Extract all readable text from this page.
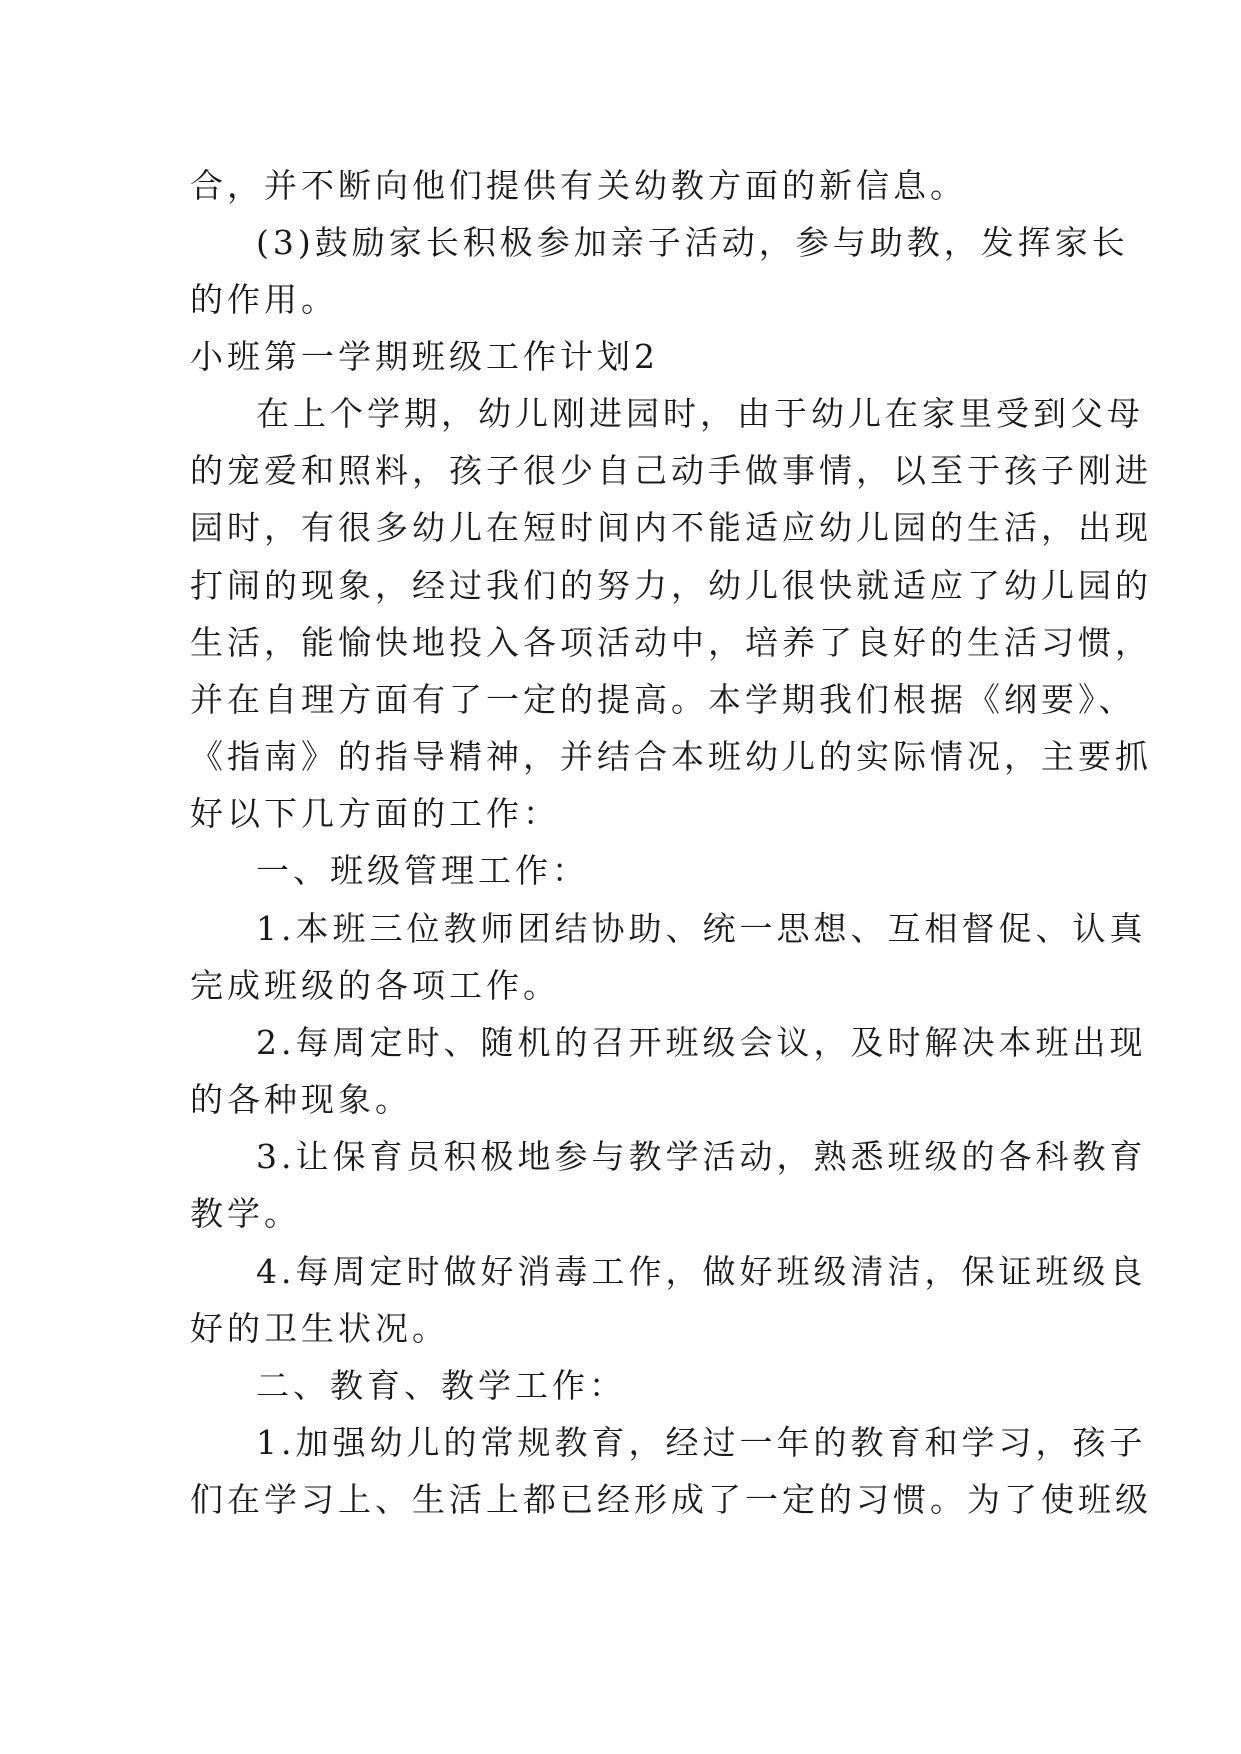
合，并不断向他们提供有关幼教方面的新信息。
(3)鼓励家长积极参加亲子活动，参与助教，发挥家长
的作用。
小班第一学期班级工作计划2
在上个学期，幼儿刚进园时，由于幼儿在家里受到父母
的宠爱和照料，孩子很少自己动手做事情，以至于孩子刚进
园时，有很多幼儿在短时间内不能适应幼儿园的生活，出现
打闹的现象，经过我们的努力，幼儿很快就适应了幼儿园的
生活，能愉快地投入各项活动中，培养了良好的生活习惯，
并在自理方面有了一定的提高。本学期我们根据《纲要》、
《指南》的指导精神，并结合本班幼儿的实际情况，主要抓
好以下几方面的工作：
一、班级管理工作：
1.本班三位教师团结协助、统一思想、互相督促、认真
完成班级的各项工作。
2.每周定时、随机的召开班级会议，及时解决本班出现
的各种现象。
3.让保育员积极地参与教学活动，熟悉班级的各科教育
教学。
4.每周定时做好消毒工作，做好班级清洁，保证班级良
好的卫生状况。
二、教育、教学工作：
1.加强幼儿的常规教育，经过一年的教育和学习，孩子
们在学习上、生活上都已经形成了一定的习惯。为了使班级
